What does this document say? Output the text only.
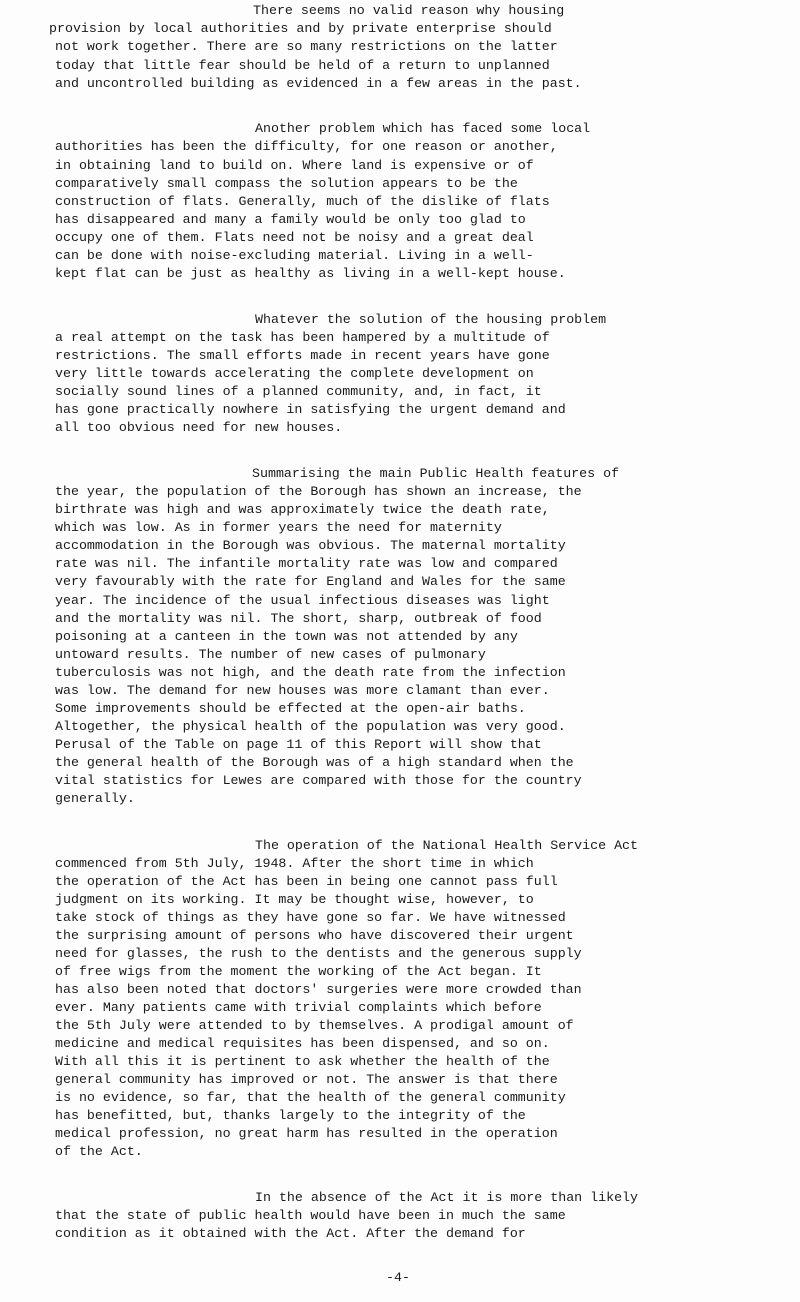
There seems no valid reason why housing
provision by local authorities and by private enterprise should
not work together. There are so many restrictions on the latter
today that little fear should be held of a return to unplanned
and uncontrolled building as evidenced in a few areas in the past.
Another problem which has faced some local
authorities has been the difficulty, for one reason or another,
in obtaining land to build on. Where land is expensive or of
comparatively small compass the solution appears to be the
construction of flats. Generally, much of the dislike of flats
has disappeared and many a family would be only too glad to
occupy one of them. Flats need not be noisy and a great deal
can be done with noise-excluding material. Living in a well-
kept flat can be just as healthy as living in a well-kept house.
Whatever the solution of the housing problem
a real attempt on the task has been hampered by a multitude of
restrictions. The small efforts made in recent years have gone
very little towards accelerating the complete development on
socially sound lines of a planned community, and, in fact, it
has gone practically nowhere in satisfying the urgent demand and
all too obvious need for new houses.
Summarising the main Public Health features of
the year, the population of the Borough has shown an increase, the
birthrate was high and was approximately twice the death rate,
which was low. As in former years the need for maternity
accommodation in the Borough was obvious. The maternal mortality
rate was nil. The infantile mortality rate was low and compared
very favourably with the rate for England and Wales for the same
year. The incidence of the usual infectious diseases was light
and the mortality was nil. The short, sharp, outbreak of food
poisoning at a canteen in the town was not attended by any
untoward results. The number of new cases of pulmonary
tuberculosis was not high, and the death rate from the infection
was low. The demand for new houses was more clamant than ever.
Some improvements should be effected at the open-air baths.
Altogether, the physical health of the population was very good.
Perusal of the Table on page 11 of this Report will show that
the general health of the Borough was of a high standard when the
vital statistics for Lewes are compared with those for the country
generally.
The operation of the National Health Service Act
commenced from 5th July, 1948. After the short time in which
the operation of the Act has been in being one cannot pass full
judgment on its working. It may be thought wise, however, to
take stock of things as they have gone so far. We have witnessed
the surprising amount of persons who have discovered their urgent
need for glasses, the rush to the dentists and the generous supply
of free wigs from the moment the working of the Act began. It
has also been noted that doctors' surgeries were more crowded than
ever. Many patients came with trivial complaints which before
the 5th July were attended to by themselves. A prodigal amount of
medicine and medical requisites has been dispensed, and so on.
With all this it is pertinent to ask whether the health of the
general community has improved or not. The answer is that there
is no evidence, so far, that the health of the general community
has benefitted, but, thanks largely to the integrity of the
medical profession, no great harm has resulted in the operation
of the Act.
In the absence of the Act it is more than likely
that the state of public health would have been in much the same
condition as it obtained with the Act. After the demand for
-4-
